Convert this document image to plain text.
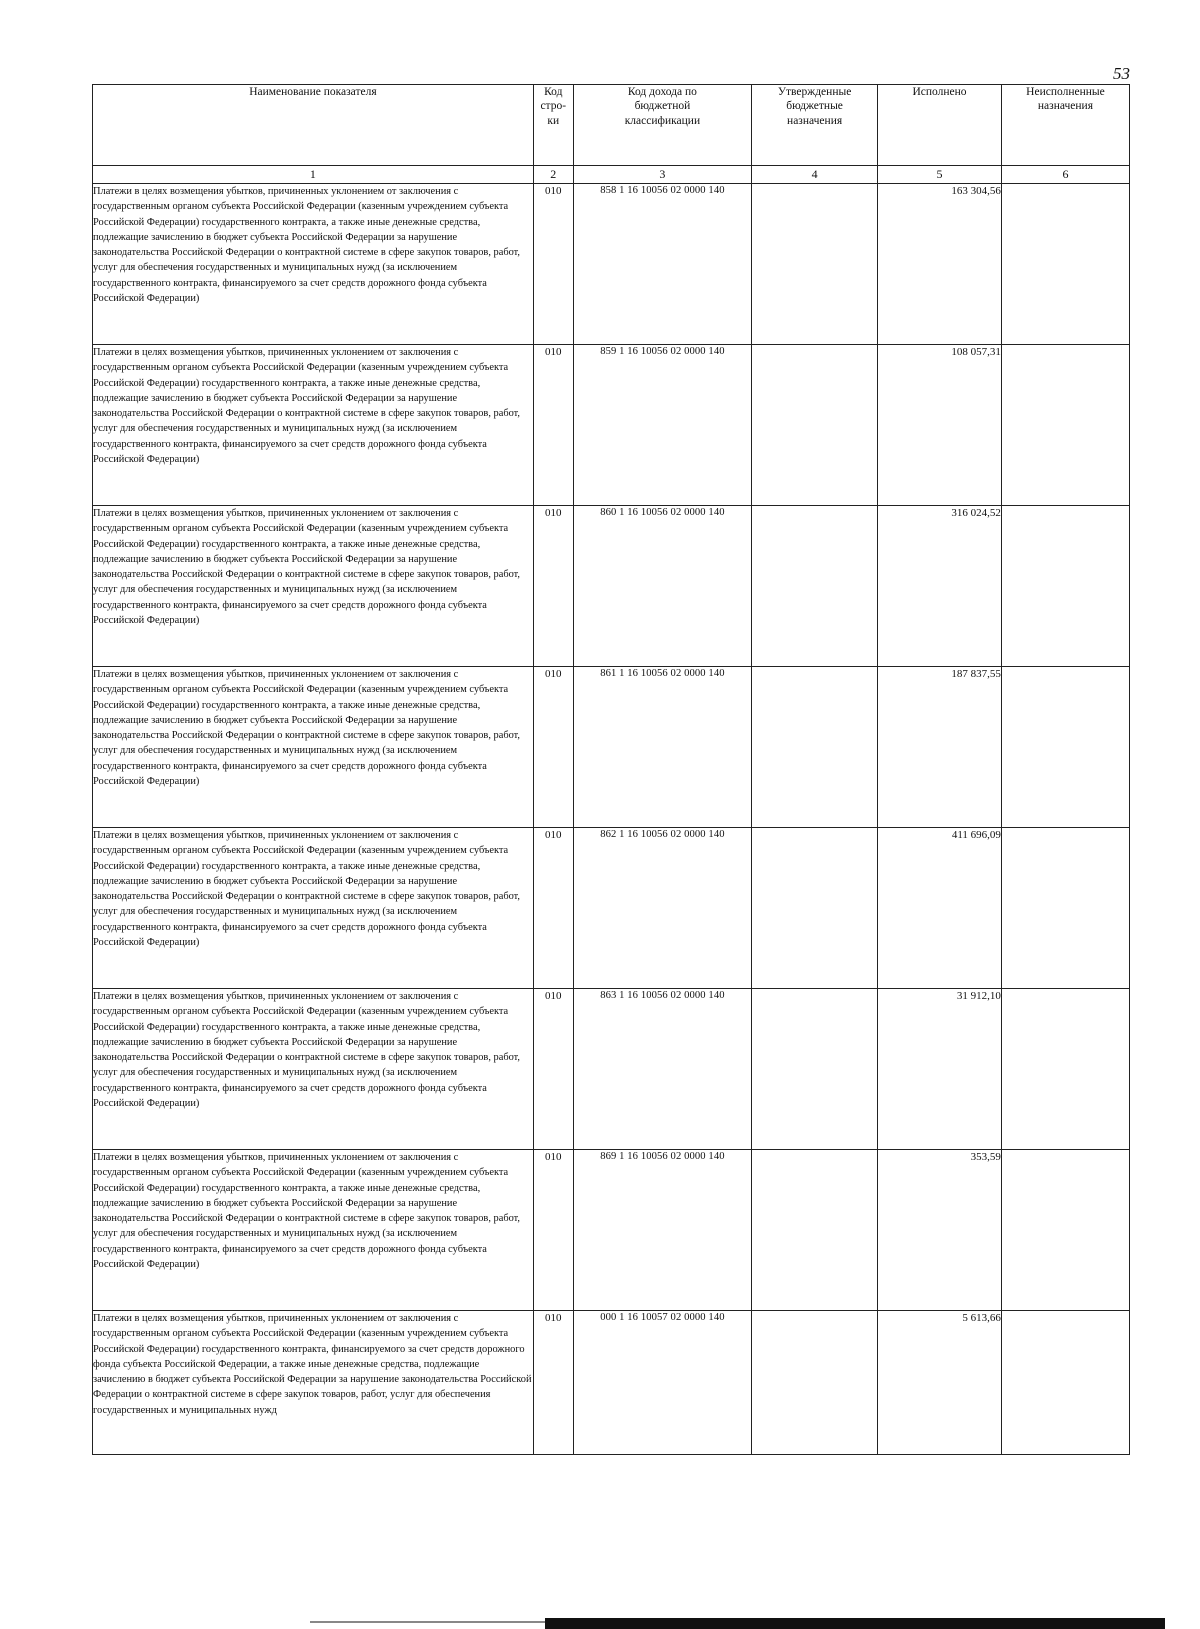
53
Наименование показателя	Код
стро-
ки	Код дохода по
бюджетной
классификации	Утвержденные
бюджетные
назначения	Исполнено	Неисполненные
назначения

1	2	3	4	5	6
Платежи в целях возмещения убытков, причиненных уклонением от заключения с государственным органом субъекта Российской Федерации (казенным учреждением субъекта Российской Федерации) государственного контракта, а также иные денежные средства, подлежащие зачислению в бюджет субъекта Российской Федерации за нарушение законодательства Российской Федерации о контрактной системе в сфере закупок товаров, работ, услуг для обеспечения государственных и муниципальных нужд (за исключением государственного контракта, финансируемого за счет средств дорожного фонда субъекта Российской Федерации)	010	858 1 16 10056 02 0000 140		163 304,56	
Платежи в целях возмещения убытков, причиненных уклонением от заключения с государственным органом субъекта Российской Федерации (казенным учреждением субъекта Российской Федерации) государственного контракта, а также иные денежные средства, подлежащие зачислению в бюджет субъекта Российской Федерации за нарушение законодательства Российской Федерации о контрактной системе в сфере закупок товаров, работ, услуг для обеспечения государственных и муниципальных нужд (за исключением государственного контракта, финансируемого за счет средств дорожного фонда субъекта Российской Федерации)	010	859 1 16 10056 02 0000 140		108 057,31	
Платежи в целях возмещения убытков, причиненных уклонением от заключения с государственным органом субъекта Российской Федерации (казенным учреждением субъекта Российской Федерации) государственного контракта, а также иные денежные средства, подлежащие зачислению в бюджет субъекта Российской Федерации за нарушение законодательства Российской Федерации о контрактной системе в сфере закупок товаров, работ, услуг для обеспечения государственных и муниципальных нужд (за исключением государственного контракта, финансируемого за счет средств дорожного фонда субъекта Российской Федерации)	010	860 1 16 10056 02 0000 140		316 024,52	
Платежи в целях возмещения убытков, причиненных уклонением от заключения с государственным органом субъекта Российской Федерации (казенным учреждением субъекта Российской Федерации) государственного контракта, а также иные денежные средства, подлежащие зачислению в бюджет субъекта Российской Федерации за нарушение законодательства Российской Федерации о контрактной системе в сфере закупок товаров, работ, услуг для обеспечения государственных и муниципальных нужд (за исключением государственного контракта, финансируемого за счет средств дорожного фонда субъекта Российской Федерации)	010	861 1 16 10056 02 0000 140		187 837,55	
Платежи в целях возмещения убытков, причиненных уклонением от заключения с государственным органом субъекта Российской Федерации (казенным учреждением субъекта Российской Федерации) государственного контракта, а также иные денежные средства, подлежащие зачислению в бюджет субъекта Российской Федерации за нарушение законодательства Российской Федерации о контрактной системе в сфере закупок товаров, работ, услуг для обеспечения государственных и муниципальных нужд (за исключением государственного контракта, финансируемого за счет средств дорожного фонда субъекта Российской Федерации)	010	862 1 16 10056 02 0000 140		411 696,09	
Платежи в целях возмещения убытков, причиненных уклонением от заключения с государственным органом субъекта Российской Федерации (казенным учреждением субъекта Российской Федерации) государственного контракта, а также иные денежные средства, подлежащие зачислению в бюджет субъекта Российской Федерации за нарушение законодательства Российской Федерации о контрактной системе в сфере закупок товаров, работ, услуг для обеспечения государственных и муниципальных нужд (за исключением государственного контракта, финансируемого за счет средств дорожного фонда субъекта Российской Федерации)	010	863 1 16 10056 02 0000 140		31 912,10	
Платежи в целях возмещения убытков, причиненных уклонением от заключения с государственным органом субъекта Российской Федерации (казенным учреждением субъекта Российской Федерации) государственного контракта, а также иные денежные средства, подлежащие зачислению в бюджет субъекта Российской Федерации за нарушение законодательства Российской Федерации о контрактной системе в сфере закупок товаров, работ, услуг для обеспечения государственных и муниципальных нужд (за исключением государственного контракта, финансируемого за счет средств дорожного фонда субъекта Российской Федерации)	010	869 1 16 10056 02 0000 140		353,59	
Платежи в целях возмещения убытков, причиненных уклонением от заключения с государственным органом субъекта Российской Федерации (казенным учреждением субъекта Российской Федерации) государственного контракта, финансируемого за счет средств дорожного фонда субъекта Российской Федерации, а также иные денежные средства, подлежащие зачислению в бюджет субъекта Российской Федерации за нарушение законодательства Российской Федерации о контрактной системе в сфере закупок товаров, работ, услуг для обеспечения государственных и муниципальных нужд	010	000 1 16 10057 02 0000 140		5 613,66	
